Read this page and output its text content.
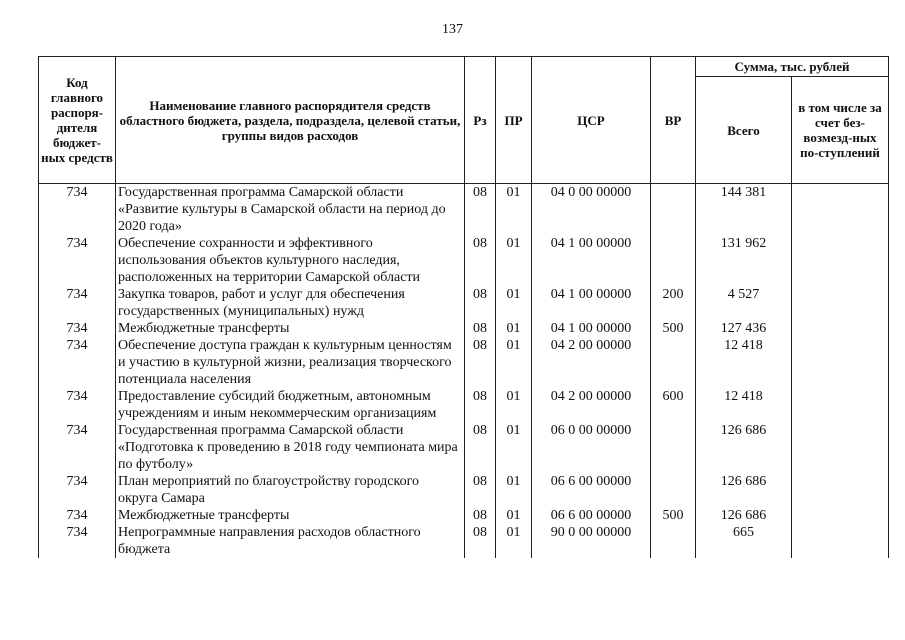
137
Код главного распоря-дителя бюджет-ных средств	Наименование главного распорядителя средств областного бюджета, раздела, подраздела, целевой статьи, группы видов расходов	Рз	ПР	ЦСР	ВР	Сумма, тыс. рублей	
						Всего	в том числе за счет без-возмезд-ных по-ступлений
734	Государственная программа Самарской области «Развитие культуры в Самарской области на период до 2020 года»	08	01	04 0 00 00000		144 381	
734	Обеспечение сохранности и эффективного использования объектов культурного наследия, расположенных на территории Самарской области	08	01	04 1 00 00000		131 962	
734	Закупка товаров, работ и услуг для обеспечения государственных (муниципальных) нужд	08	01	04 1 00 00000	200	4 527	
734	Межбюджетные трансферты	08	01	04 1 00 00000	500	127 436	
734	Обеспечение доступа граждан к культурным ценностям и участию в культурной жизни, реализация творческого потенциала населения	08	01	04 2 00 00000		12 418	
734	Предоставление субсидий бюджетным, автономным учреждениям и иным некоммерческим организациям	08	01	04 2 00 00000	600	12 418	
734	Государственная программа Самарской области «Подготовка к проведению в 2018 году чемпионата мира по футболу»	08	01	06 0 00 00000		126 686	
734	План мероприятий по благоустройству городского округа Самара	08	01	06 6 00 00000		126 686	
734	Межбюджетные трансферты	08	01	06 6 00 00000	500	126 686	
734	Непрограммные направления расходов областного бюджета	08	01	90 0 00 00000		665	
